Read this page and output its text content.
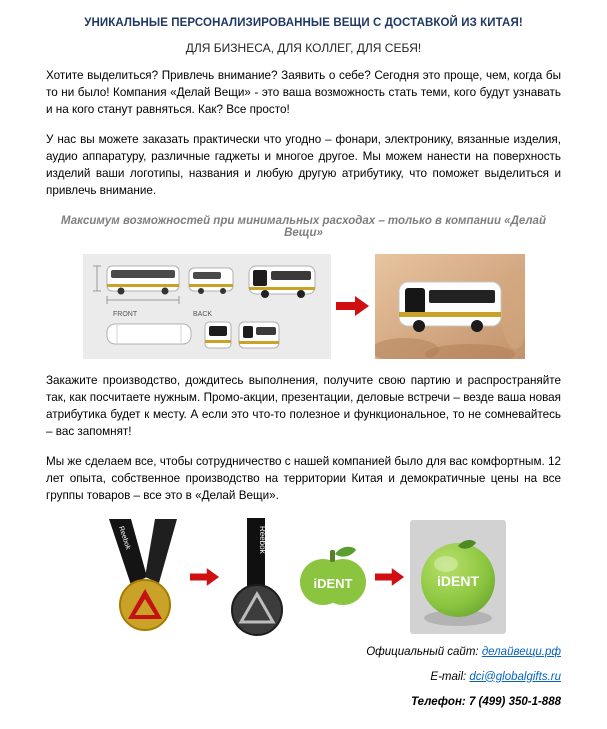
УНИКАЛЬНЫЕ ПЕРСОНАЛИЗИРОВАННЫЕ ВЕЩИ С ДОСТАВКОЙ ИЗ КИТАЯ!
ДЛЯ БИЗНЕСА, ДЛЯ КОЛЛЕГ, ДЛЯ СЕБЯ!

Хотите выделиться? Привлечь внимание? Заявить о себе? Сегодня это проще, чем, когда бы то ни было! Компания «Делай Вещи» - это ваша возможность стать теми, кого будут узнавать и на кого станут равняться. Как? Все просто!

У нас вы можете заказать практически что угодно – фонари, электронику, вязанные изделия, аудио аппаратуру, различные гаджеты и многое другое. Мы можем нанести на поверхность изделий ваши логотипы, названия и любую другую атрибутику, что поможет выделиться и привлечь внимание.

Максимум возможностей при минимальных расходах – только в компании «Делай Вещи»

FRONT	BACK

Закажите производство, дождитесь выполнения, получите свою партию и распространяйте так, как посчитаете нужным. Промо-акции, презентации, деловые встречи – везде ваша новая атрибутика будет к месту. А если это что-то полезное и функциональное, то не сомневайтесь – вас запомнят!

Мы же сделаем все, чтобы сотрудничество с нашей компанией было для вас комфортным. 12 лет опыта, собственное производство на территории Китая и демократичные цены на все группы товаров – все это в «Делай Вещи».

Reebok	Reebok
iDENT	iDENT

Официальный сайт: делайвещи.рф

E-mail: dci@globalgifts.ru

Телефон: 7 (499) 350-1-888
